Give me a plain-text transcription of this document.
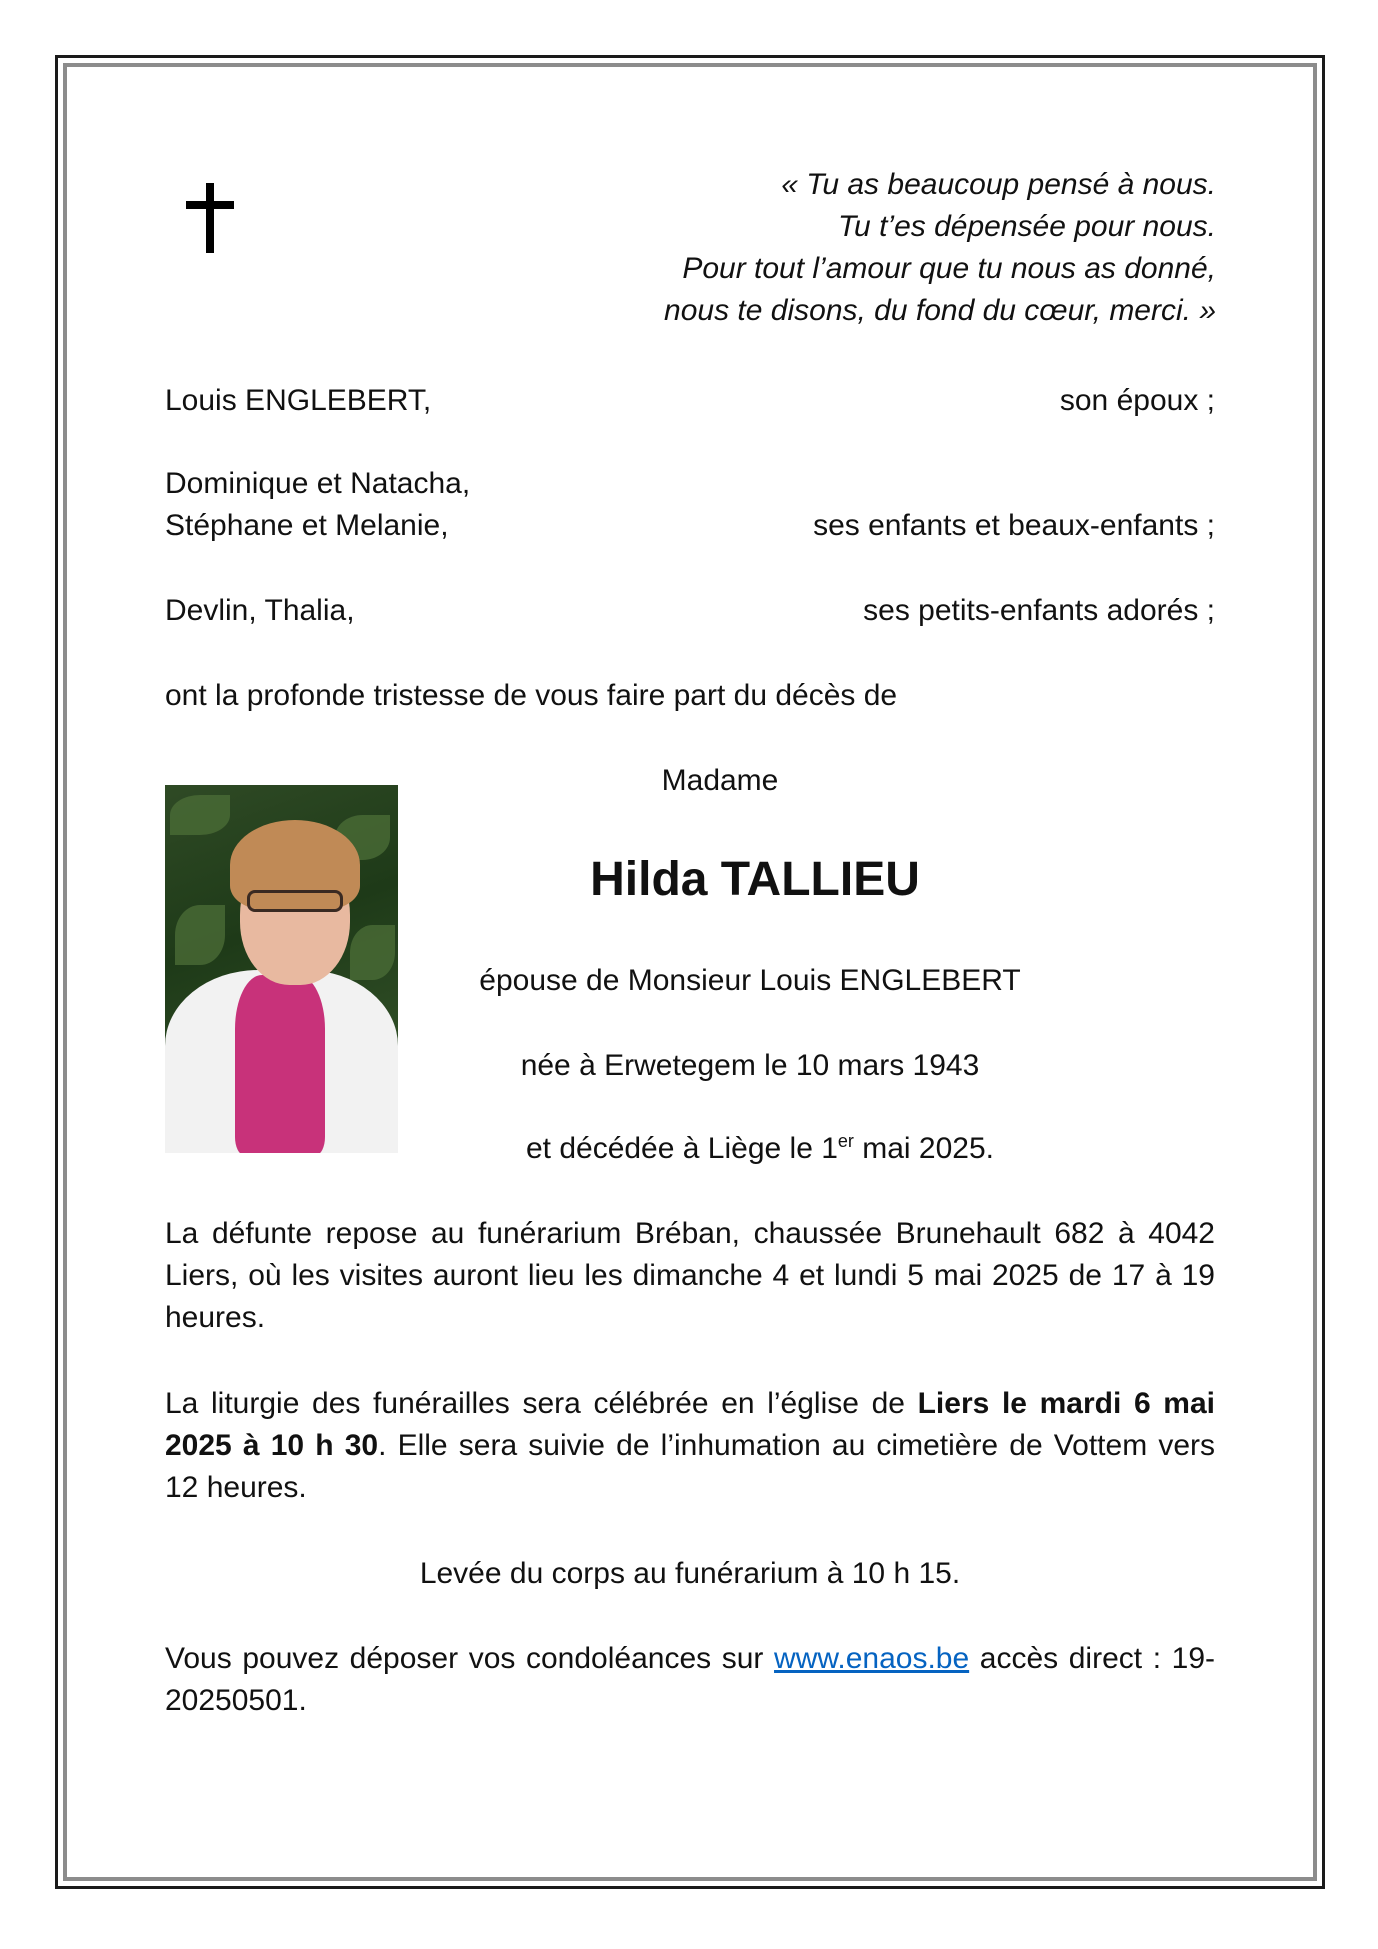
« Tu as beaucoup pensé à nous.
Tu t’es dépensée pour nous.
Pour tout l’amour que tu nous as donné,
nous te disons, du fond du cœur, merci. »
Louis ENGLEBERT,	son époux ;
Dominique et Natacha,
Stéphane et Melanie,	ses enfants et beaux-enfants ;
Devlin, Thalia,	ses petits-enfants adorés ;
ont la profonde tristesse de vous faire part du décès de
Madame
Hilda TALLIEU
épouse de Monsieur Louis ENGLEBERT
née à Erwetegem le 10 mars 1943
et décédée à Liège le 1er mai 2025.
La défunte repose au funérarium Bréban, chaussée Brunehault 682 à 4042 Liers, où les visites auront lieu les dimanche 4 et lundi 5 mai 2025 de 17 à 19 heures.
La liturgie des funérailles sera célébrée en l’église de Liers le mardi 6 mai 2025 à 10 h 30. Elle sera suivie de l’inhumation au cimetière de Vottem vers 12 heures.
Levée du corps au funérarium à 10 h 15.
Vous pouvez déposer vos condoléances sur www.enaos.be accès direct : 19-20250501.
